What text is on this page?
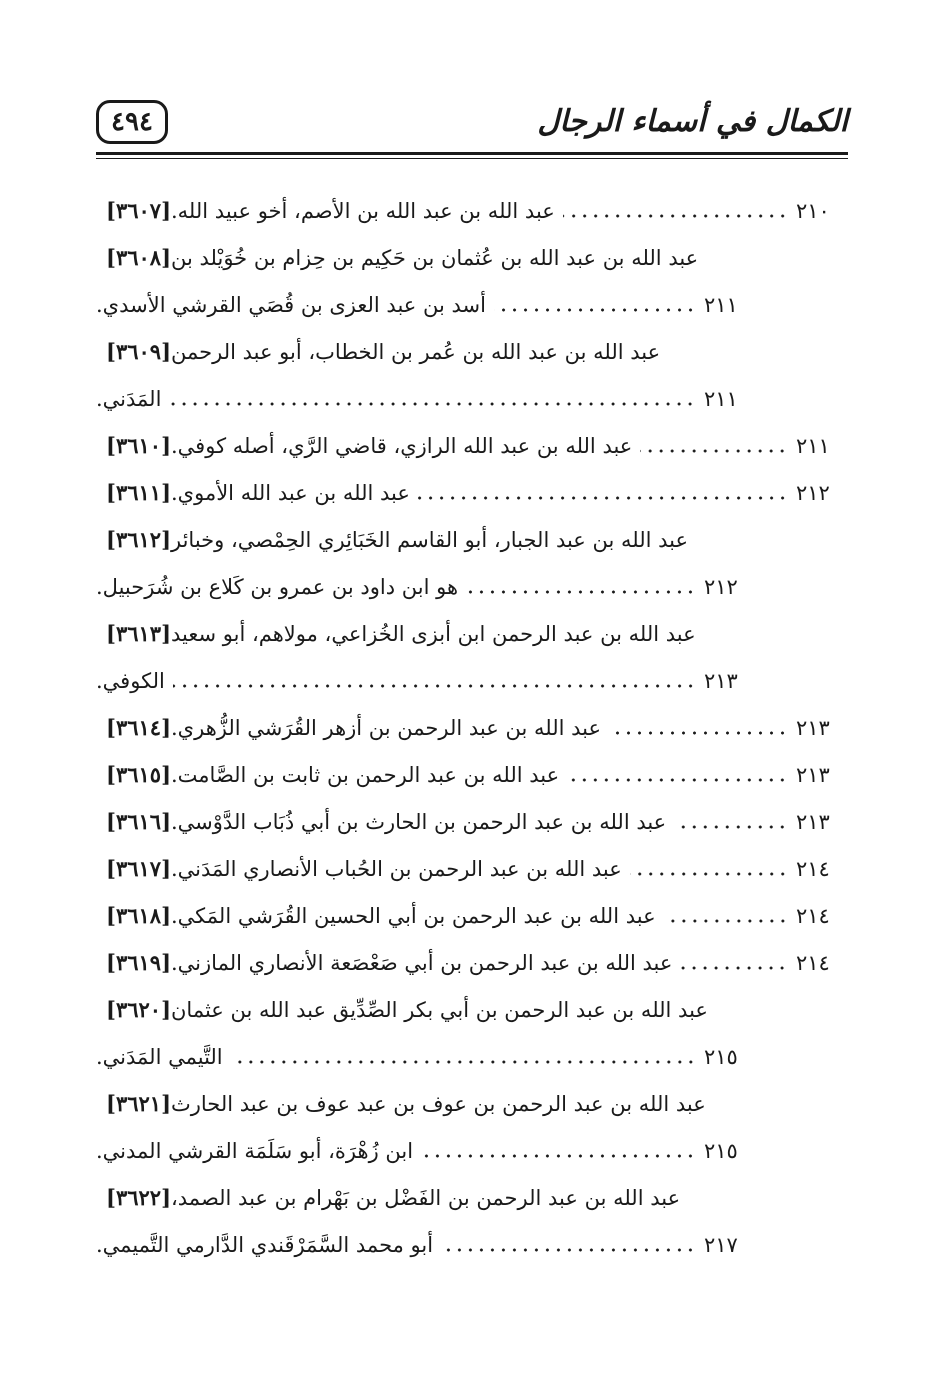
٤٩٤	الكمال في أسماء الرجال
[٣٦٠٧] عبد الله بن عبد الله بن الأصم، أخو عبيد الله.	٢١٠
[٣٦٠٨] عبد الله بن عبد الله بن عُثمان بن حَكِيم بن حِزام بن خُوَيْلد بن
أسد بن عبد العزى بن قُصَي القرشي الأسدي.	٢١١
[٣٦٠٩] عبد الله بن عبد الله بن عُمر بن الخطاب، أبو عبد الرحمن
المَدَني.	٢١١
[٣٦١٠] عبد الله بن عبد الله الرازي، قاضي الرَّي، أصله كوفي.	٢١١
[٣٦١١] عبد الله بن عبد الله الأموي.	٢١٢
[٣٦١٢] عبد الله بن عبد الجبار، أبو القاسم الخَبَائِري الحِمْصي، وخبائر
هو ابن داود بن عمرو بن كَلاع بن شُرَحبيل.	٢١٢
[٣٦١٣] عبد الله بن عبد الرحمن ابن أبزى الخُزاعي، مولاهم، أبو سعيد
الكوفي.	٢١٣
[٣٦١٤] عبد الله بن عبد الرحمن بن أزهر القُرَشي الزُّهري.	٢١٣
[٣٦١٥] عبد الله بن عبد الرحمن بن ثابت بن الصَّامت.	٢١٣
[٣٦١٦] عبد الله بن عبد الرحمن بن الحارث بن أبي ذُبَاب الدَّوْسي.	٢١٣
[٣٦١٧] عبد الله بن عبد الرحمن بن الحُباب الأنصاري المَدَني.	٢١٤
[٣٦١٨] عبد الله بن عبد الرحمن بن أبي الحسين القُرَشي المَكي.	٢١٤
[٣٦١٩] عبد الله بن عبد الرحمن بن أبي صَعْصَعة الأنصاري المازني.	٢١٤
[٣٦٢٠] عبد الله بن عبد الرحمن بن أبي بكر الصِّدِّيق عبد الله بن عثمان
التَّيمي المَدَني.	٢١٥
[٣٦٢١] عبد الله بن عبد الرحمن بن عوف بن عبد عوف بن عبد الحارث
ابن زُهْرَة، أبو سَلَمَة القرشي المدني.	٢١٥
[٣٦٢٢] عبد الله بن عبد الرحمن بن الفَضْل بن بَهْرام بن عبد الصمد،
أبو محمد السَّمَرْقَندي الدَّارمي التَّميمي.	٢١٧
